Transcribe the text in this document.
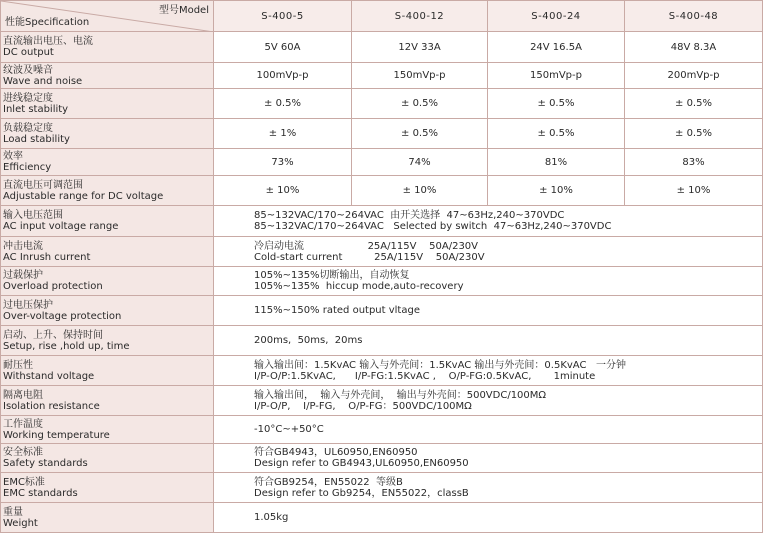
型号Model
性能Specification	S-400-5	S-400-12	S-400-24	S-400-48

直流输出电压、电流
DC output	5V 60A	12V 33A	24V 16.5A	48V 8.3A

纹波及噪音
Wave and noise	100mVp-p	150mVp-p	150mVp-p	200mVp-p

进线稳定度
Inlet stability	± 0.5%	± 0.5%	± 0.5%	± 0.5%

负载稳定度
Load stability	± 1%	± 0.5%	± 0.5%	± 0.5%

效率
Efficiency	73%	74%	81%	83%

直流电压可调范围
Adjustable range for DC voltage	± 10%	± 10%	± 10%	± 10%

输入电压范围
AC input voltage range	85~132VAC/170~264VAC  由开关选择  47~63Hz,240~370VDC
85~132VAC/170~264VAC   Selected by switch  47~63Hz,240~370VDC			

冲击电流
AC Inrush current	冷启动电流                    25A/115V    50A/230V
Cold-start current          25A/115V    50A/230V			

过载保护
Overload protection	105%~135%切断输出，自动恢复
105%~135%  hiccup mode,auto-recovery			

过电压保护
Over-voltage protection	115%~150% rated output vltage			

启动、上升、保持时间
Setup, rise ,hold up, time	200ms,  50ms,  20ms			

耐压性
Withstand voltage	输入输出间：1.5KvAC 输入与外壳间：1.5KvAC 输出与外壳间：0.5KvAC   一分钟
I/P-O/P:1.5KvAC,      I/P-FG:1.5KvAC ,    O/P-FG:0.5KvAC,       1minute			

隔离电阻
Isolation resistance	输入输出间，  输入与外壳间，  输出与外壳间：500VDC/100MΩ
I/P-O/P,    I/P-FG,    O/P-FG：500VDC/100MΩ			

工作温度
Working temperature	-10°C~+50°C			

安全标准
Safety standards	符合GB4943，UL60950,EN60950
Design refer to GB4943,UL60950,EN60950			

EMC标准
EMC standards	符合GB9254，EN55022  等级B
Design refer to Gb9254，EN55022，classB			

重量
Weight	1.05kg			
